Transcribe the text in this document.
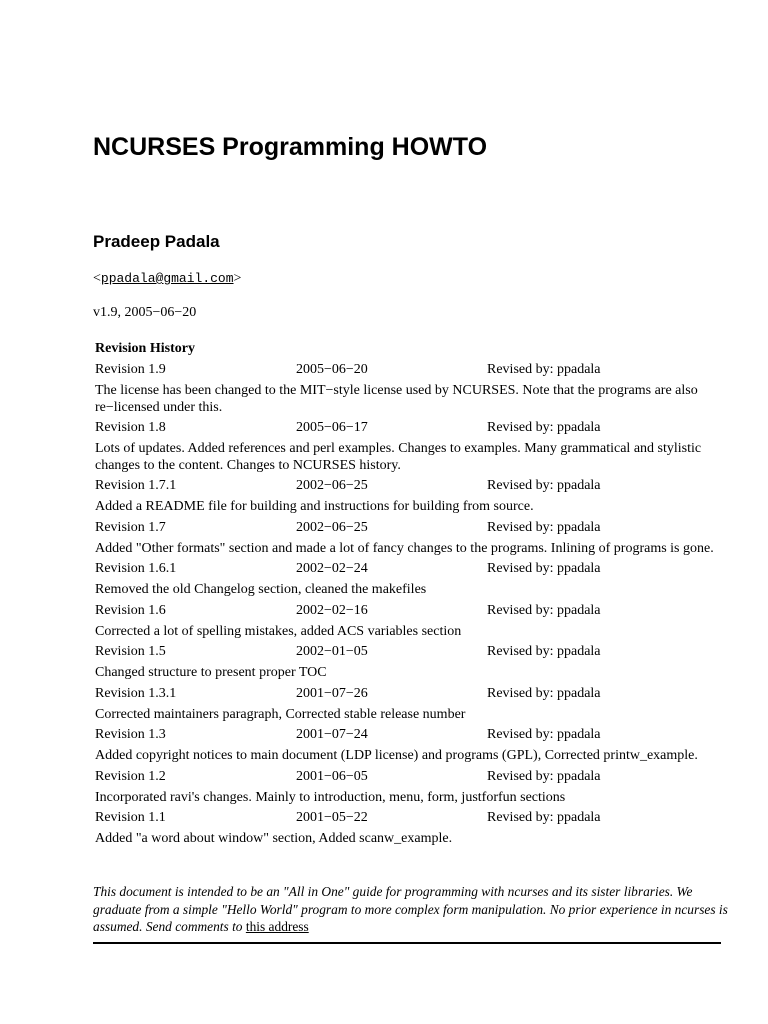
NCURSES Programming HOWTO
Pradeep Padala
<ppadala@gmail.com>
v1.9, 2005−06−20
Revision History
Revision 1.9	2005−06−20	Revised by: ppadala
The license has been changed to the MIT−style license used by NCURSES. Note that the programs are also re−licensed under this.
Revision 1.8	2005−06−17	Revised by: ppadala
Lots of updates. Added references and perl examples. Changes to examples. Many grammatical and stylistic changes to the content. Changes to NCURSES history.
Revision 1.7.1	2002−06−25	Revised by: ppadala
Added a README file for building and instructions for building from source.
Revision 1.7	2002−06−25	Revised by: ppadala
Added "Other formats" section and made a lot of fancy changes to the programs. Inlining of programs is gone.
Revision 1.6.1	2002−02−24	Revised by: ppadala
Removed the old Changelog section, cleaned the makefiles
Revision 1.6	2002−02−16	Revised by: ppadala
Corrected a lot of spelling mistakes, added ACS variables section
Revision 1.5	2002−01−05	Revised by: ppadala
Changed structure to present proper TOC
Revision 1.3.1	2001−07−26	Revised by: ppadala
Corrected maintainers paragraph, Corrected stable release number
Revision 1.3	2001−07−24	Revised by: ppadala
Added copyright notices to main document (LDP license) and programs (GPL), Corrected printw_example.
Revision 1.2	2001−06−05	Revised by: ppadala
Incorporated ravi's changes. Mainly to introduction, menu, form, justforfun sections
Revision 1.1	2001−05−22	Revised by: ppadala
Added "a word about window" section, Added scanw_example.
This document is intended to be an "All in One" guide for programming with ncurses and its sister libraries. We graduate from a simple "Hello World" program to more complex form manipulation. No prior experience in ncurses is assumed. Send comments to this address
